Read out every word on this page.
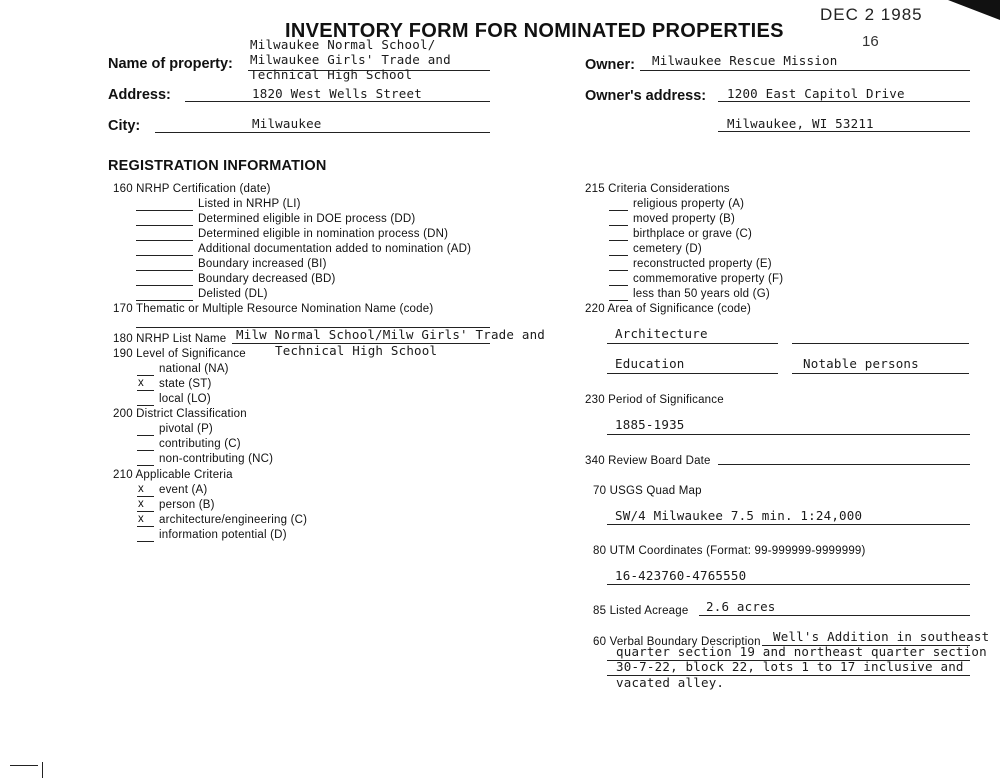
INVENTORY FORM FOR NOMINATED PROPERTIES
DEC 2 1985
16
Name of property:
Milwaukee Normal School/
Milwaukee Girls' Trade and
Technical High School
Address:	1820 West Wells Street
City:	Milwaukee
Owner: Milwaukee Rescue Mission
Owner's address: 1200 East Capitol Drive
Milwaukee, WI 53211
REGISTRATION INFORMATION
160 NRHP Certification (date)
Listed in NRHP (LI)
Determined eligible in DOE process (DD)
Determined eligible in nomination process (DN)
Additional documentation added to nomination (AD)
Boundary increased (BI)
Boundary decreased (BD)
Delisted (DL)
170 Thematic or Multiple Resource Nomination Name (code)
180 NRHP List Name Milw Normal School/Milw Girls' Trade and
Technical High School
190 Level of Significance
national (NA)
x state (ST)
local (LO)
200 District Classification
pivotal (P)
contributing (C)
non-contributing (NC)
210 Applicable Criteria
x event (A)
x person (B)
x architecture/engineering (C)
information potential (D)
215 Criteria Considerations
religious property (A)
moved property (B)
birthplace or grave (C)
cemetery (D)
reconstructed property (E)
commemorative property (F)
less than 50 years old (G)
220 Area of Significance (code)
Architecture
Education	Notable persons
230 Period of Significance
1885-1935
340 Review Board Date
70 USGS Quad Map
SW/4 Milwaukee 7.5 min. 1:24,000
80 UTM Coordinates (Format: 99-999999-9999999)
16-423760-4765550
85 Listed Acreage 2.6 acres
60 Verbal Boundary Description Well's Addition in southeast
quarter section 19 and northeast quarter section
30-7-22, block 22, lots 1 to 17 inclusive and
vacated alley.
